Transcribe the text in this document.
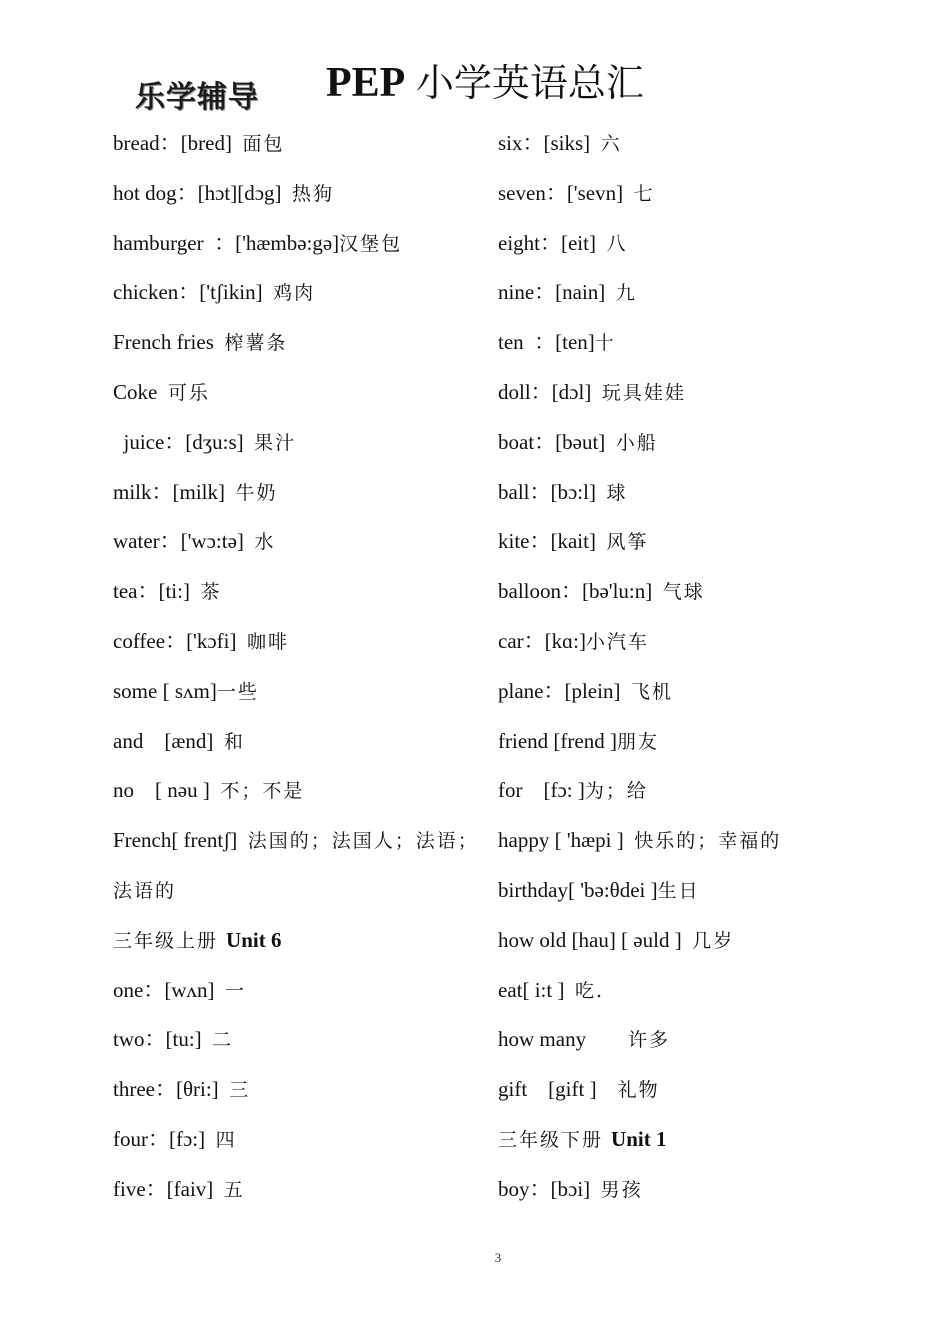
乐学辅导 PEP 小学英语总汇
bread：[bred]  面包
hot dog：[hɔt][dɔg]  热狗
hamburger  ：['hæmbə:gə]汉堡包
chicken：['tʃikin]  鸡肉
French fries  榨薯条
Coke  可乐
juice：[dʒu:s]  果汁
milk：[milk]  牛奶
water：['wɔ:tə]  水
tea：[ti:]  茶
coffee：['kɔfi]  咖啡
some [ sʌm]一些
and    [ænd]  和
no    [ nəu ]  不；不是
French[ frentʃ]  法国的；法国人；法语；
法语的
三年级上册 Unit 6
one：[wʌn]  一
two：[tu:]  二
three：[θri:]  三
four：[fɔ:]  四
five：[faiv]  五
six：[siks]  六
seven：['sevn]  七
eight：[eit]  八
nine：[nain]  九
ten  ：[ten]十
doll：[dɔl]  玩具娃娃
boat：[bəut]  小船
ball：[bɔ:l]  球
kite：[kait]  风筝
balloon：[bə'lu:n]  气球
car：[kɑ:]小汽车
plane：[plein]  飞机
friend [frend ]朋友
for    [fɔ: ]为；给
happy [ 'hæpi ]  快乐的；幸福的
birthday[ 'bə:θdei ]生日
how old [hau] [ əuld ]  几岁
eat[ i:t ]  吃.
how many        许多
gift    [gift ]    礼物
三年级下册 Unit 1
boy：[bɔi]  男孩
3
